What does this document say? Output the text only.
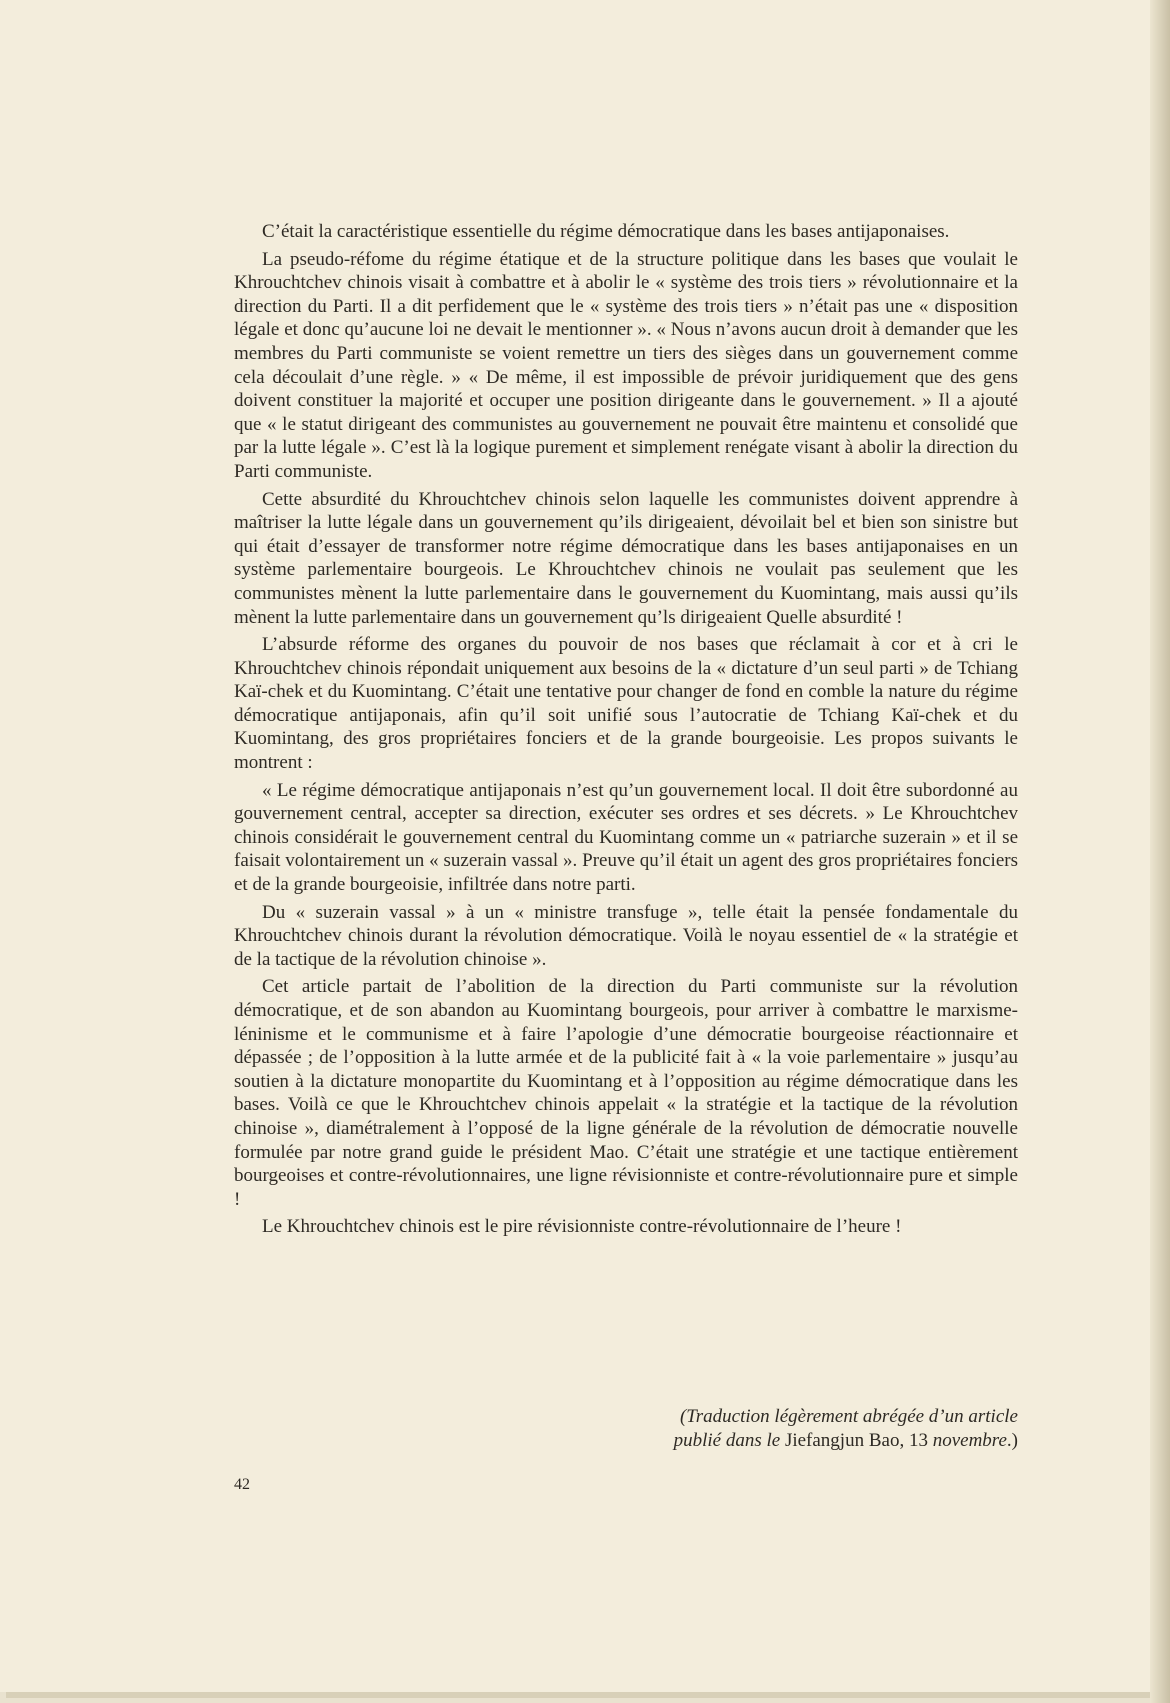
C’était la caractéristique essentielle du régime démocratique dans les bases antijaponaises.

La pseudo-réfome du régime étatique et de la structure politique dans les bases que voulait le Khrouchtchev chinois visait à combattre et à abolir le « système des trois tiers » révolutionnaire et la direction du Parti. Il a dit perfidement que le « système des trois tiers » n’était pas une « disposition légale et donc qu’aucune loi ne devait le mentionner ». « Nous n’avons aucun droit à demander que les membres du Parti communiste se voient remettre un tiers des sièges dans un gouvernement comme cela découlait d’une règle. » « De même, il est impossible de prévoir juridiquement que des gens doivent constituer la majorité et occuper une position dirigeante dans le gouvernement. » Il a ajouté que « le statut dirigeant des communistes au gouvernement ne pouvait être maintenu et consolidé que par la lutte légale ». C’est là la logique purement et simplement renégate visant à abolir la direction du Parti communiste.

Cette absurdité du Khrouchtchev chinois selon laquelle les communistes doivent apprendre à maîtriser la lutte légale dans un gouvernement qu’ils dirigeaient, dévoilait bel et bien son sinistre but qui était d’essayer de transformer notre régime démocratique dans les bases antijaponaises en un système parlementaire bourgeois. Le Khrouchtchev chinois ne voulait pas seulement que les communistes mènent la lutte parlementaire dans le gouvernement du Kuomintang, mais aussi qu’ils mènent la lutte parlementaire dans un gouvernement qu’ls dirigeaient Quelle absurdité !

L’absurde réforme des organes du pouvoir de nos bases que réclamait à cor et à cri le Khrouchtchev chinois répondait uniquement aux besoins de la « dictature d’un seul parti » de Tchiang Kaï-chek et du Kuomintang. C’était une tentative pour changer de fond en comble la nature du régime démocratique antijaponais, afin qu’il soit unifié sous l’autocratie de Tchiang Kaï-chek et du Kuomintang, des gros propriétaires fonciers et de la grande bourgeoisie. Les propos suivants le montrent :

« Le régime démocratique antijaponais n’est qu’un gouvernement local. Il doit être subordonné au gouvernement central, accepter sa direction, exécuter ses ordres et ses décrets. » Le Khrouchtchev chinois considérait le gouvernement central du Kuomintang comme un « patriarche suzerain » et il se faisait volontairement un « suzerain vassal ». Preuve qu’il était un agent des gros propriétaires fonciers et de la grande bourgeoisie, infiltrée dans notre parti.

Du « suzerain vassal » à un « ministre transfuge », telle était la pensée fondamentale du Khrouchtchev chinois durant la révolution démocratique. Voilà le noyau essentiel de « la stratégie et de la tactique de la révolution chinoise ».

Cet article partait de l’abolition de la direction du Parti communiste sur la révolution démocratique, et de son abandon au Kuomintang bourgeois, pour arriver à combattre le marxisme-léninisme et le communisme et à faire l’apologie d’une démocratie bourgeoise réactionnaire et dépassée ; de l’opposition à la lutte armée et de la publicité fait à « la voie parlementaire » jusqu’au soutien à la dictature monopartite du Kuomintang et à l’opposition au régime démocratique dans les bases. Voilà ce que le Khrouchtchev chinois appelait « la stratégie et la tactique de la révolution chinoise », diamétralement à l’opposé de la ligne générale de la révolution de démocratie nouvelle formulée par notre grand guide le président Mao. C’était une stratégie et une tactique entièrement bourgeoises et contre-révolutionnaires, une ligne révisionniste et contre-révolutionnaire pure et simple !

Le Khrouchtchev chinois est le pire révisionniste contre-révolutionnaire de l’heure !

(Traduction légèrement abrégée d’un article
publié dans le Jiefangjun Bao, 13 novembre.)
42
